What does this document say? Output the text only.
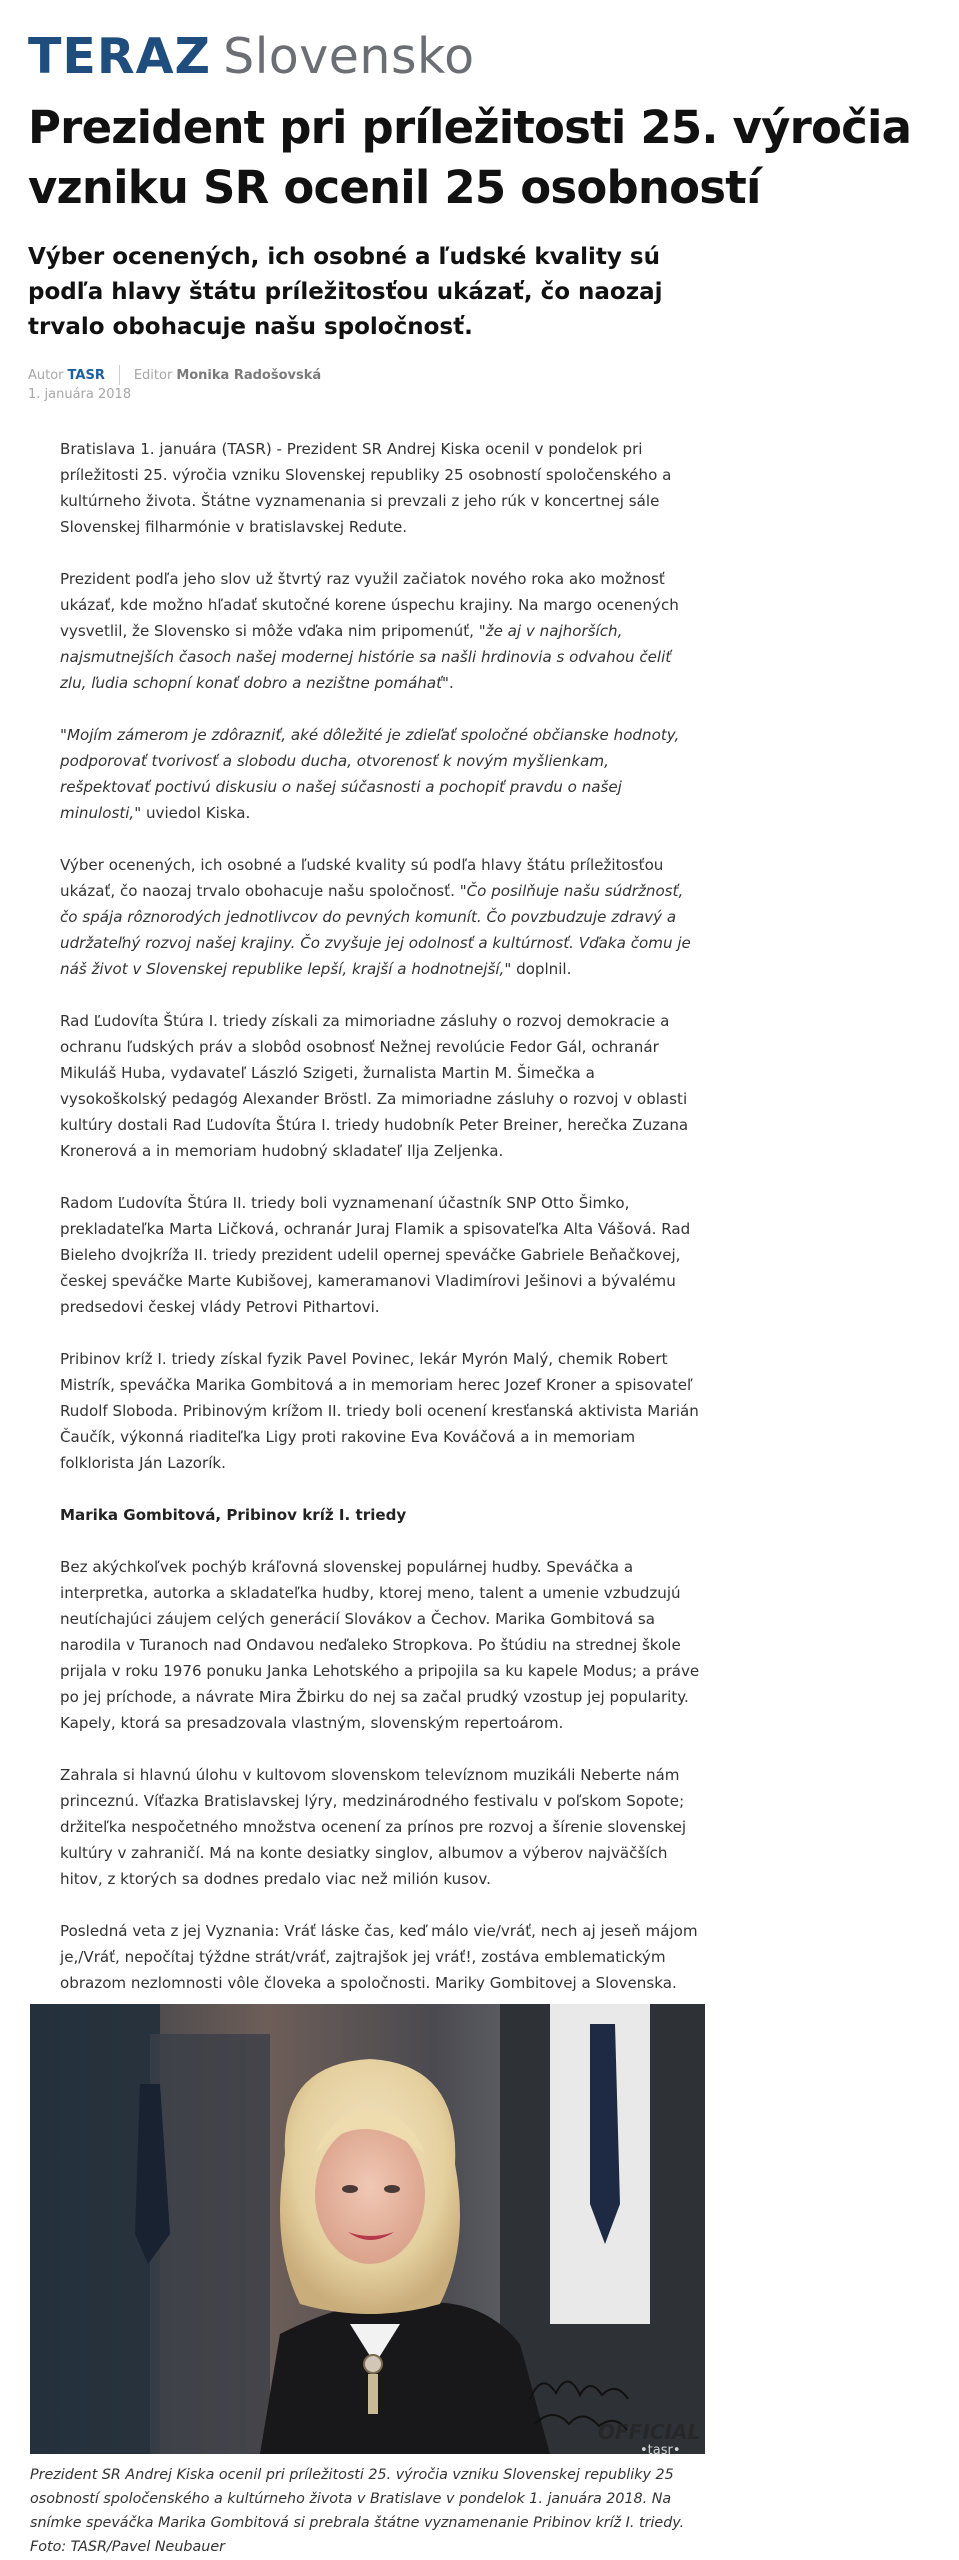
TERAZ Slovensko
Prezident pri príležitosti 25. výročia vzniku SR ocenil 25 osobností

Výber ocenených, ich osobné a ľudské kvality sú podľa hlavy štátu príležitosťou ukázať, čo naozaj trvalo obohacuje našu spoločnosť.

Autor TASR Editor Monika Radošovská
1. januára 2018

Bratislava 1. januára (TASR) - Prezident SR Andrej Kiska ocenil v pondelok pri príležitosti 25. výročia vzniku Slovenskej republiky 25 osobností spoločenského a kultúrneho života. Štátne vyznamenania si prevzali z jeho rúk v koncertnej sále Slovenskej filharmónie v bratislavskej Redute.

Prezident podľa jeho slov už štvrtý raz využil začiatok nového roka ako možnosť ukázať, kde možno hľadať skutočné korene úspechu krajiny. Na margo ocenených vysvetlil, že Slovensko si môže vďaka nim pripomenúť, "že aj v najhorších, najsmutnejších časoch našej modernej histórie sa našli hrdinovia s odvahou čeliť zlu, ľudia schopní konať dobro a nezištne pomáhať".

"Mojím zámerom je zdôrazniť, aké dôležité je zdieľať spoločné občianske hodnoty, podporovať tvorivosť a slobodu ducha, otvorenosť k novým myšlienkam, rešpektovať poctivú diskusiu o našej súčasnosti a pochopiť pravdu o našej minulosti," uviedol Kiska.

Výber ocenených, ich osobné a ľudské kvality sú podľa hlavy štátu príležitosťou ukázať, čo naozaj trvalo obohacuje našu spoločnosť. "Čo posilňuje našu súdržnosť, čo spája rôznorodých jednotlivcov do pevných komunít. Čo povzbudzuje zdravý a udržateľný rozvoj našej krajiny. Čo zvyšuje jej odolnosť a kultúrnosť. Vďaka čomu je náš život v Slovenskej republike lepší, krajší a hodnotnejší," doplnil.

Rad Ľudovíta Štúra I. triedy získali za mimoriadne zásluhy o rozvoj demokracie a ochranu ľudských práv a slobôd osobnosť Nežnej revolúcie Fedor Gál, ochranár Mikuláš Huba, vydavateľ László Szigeti, žurnalista Martin M. Šimečka a vysokoškolský pedagóg Alexander Bröstl. Za mimoriadne zásluhy o rozvoj v oblasti kultúry dostali Rad Ľudovíta Štúra I. triedy hudobník Peter Breiner, herečka Zuzana Kronerová a in memoriam hudobný skladateľ Ilja Zeljenka.

Radom Ľudovíta Štúra II. triedy boli vyznamenaní účastník SNP Otto Šimko, prekladateľka Marta Ličková, ochranár Juraj Flamik a spisovateľka Alta Vášová. Rad Bieleho dvojkríža II. triedy prezident udelil opernej speváčke Gabriele Beňačkovej, českej speváčke Marte Kubišovej, kameramanovi Vladimírovi Ješinovi a bývalému predsedovi českej vlády Petrovi Pithartovi.

Pribinov kríž I. triedy získal fyzik Pavel Povinec, lekár Myrón Malý, chemik Robert Mistrík, speváčka Marika Gombitová a in memoriam herec Jozef Kroner a spisovateľ Rudolf Sloboda. Pribinovým krížom II. triedy boli ocenení kresťanská aktivista Marián Čaučík, výkonná riaditeľka Ligy proti rakovine Eva Kováčová a in memoriam folklorista Ján Lazorík.

Marika Gombitová, Pribinov kríž I. triedy

Bez akýchkoľvek pochýb kráľovná slovenskej populárnej hudby. Speváčka a interpretka, autorka a skladateľka hudby, ktorej meno, talent a umenie vzbudzujú neutíchajúci záujem celých generácií Slovákov a Čechov. Marika Gombitová sa narodila v Turanoch nad Ondavou neďaleko Stropkova. Po štúdiu na strednej škole prijala v roku 1976 ponuku Janka Lehotského a pripojila sa ku kapele Modus; a práve po jej príchode, a návrate Mira Žbirku do nej sa začal prudký vzostup jej popularity. Kapely, ktorá sa presadzovala vlastným, slovenským repertoárom.

Zahrala si hlavnú úlohu v kultovom slovenskom televíznom muzikáli Neberte nám princeznú. Víťazka Bratislavskej lýry, medzinárodného festivalu v poľskom Sopote; držiteľka nespočetného množstva ocenení za prínos pre rozvoj a šírenie slovenskej kultúry v zahraničí. Má na konte desiatky singlov, albumov a výberov najväčších hitov, z ktorých sa dodnes predalo viac než milión kusov.

Posledná veta z jej Vyznania: Vráť láske čas, keď málo vie/vráť, nech aj jeseň májom je,/Vráť, nepočítaj týždne strát/vráť, zajtrajšok jej vráť!, zostáva emblematickým obrazom nezlomnosti vôle človeka a spoločnosti. Mariky Gombitovej a Slovenska.

OFFICIAL
•tasr•

Prezident SR Andrej Kiska ocenil pri príležitosti 25. výročia vzniku Slovenskej republiky 25 osobností spoločenského a kultúrneho života v Bratislave v pondelok 1. januára 2018. Na snímke speváčka Marika Gombitová si prebrala štátne vyznamenanie Pribinov kríž I. triedy.
Foto: TASR/Pavel Neubauer
